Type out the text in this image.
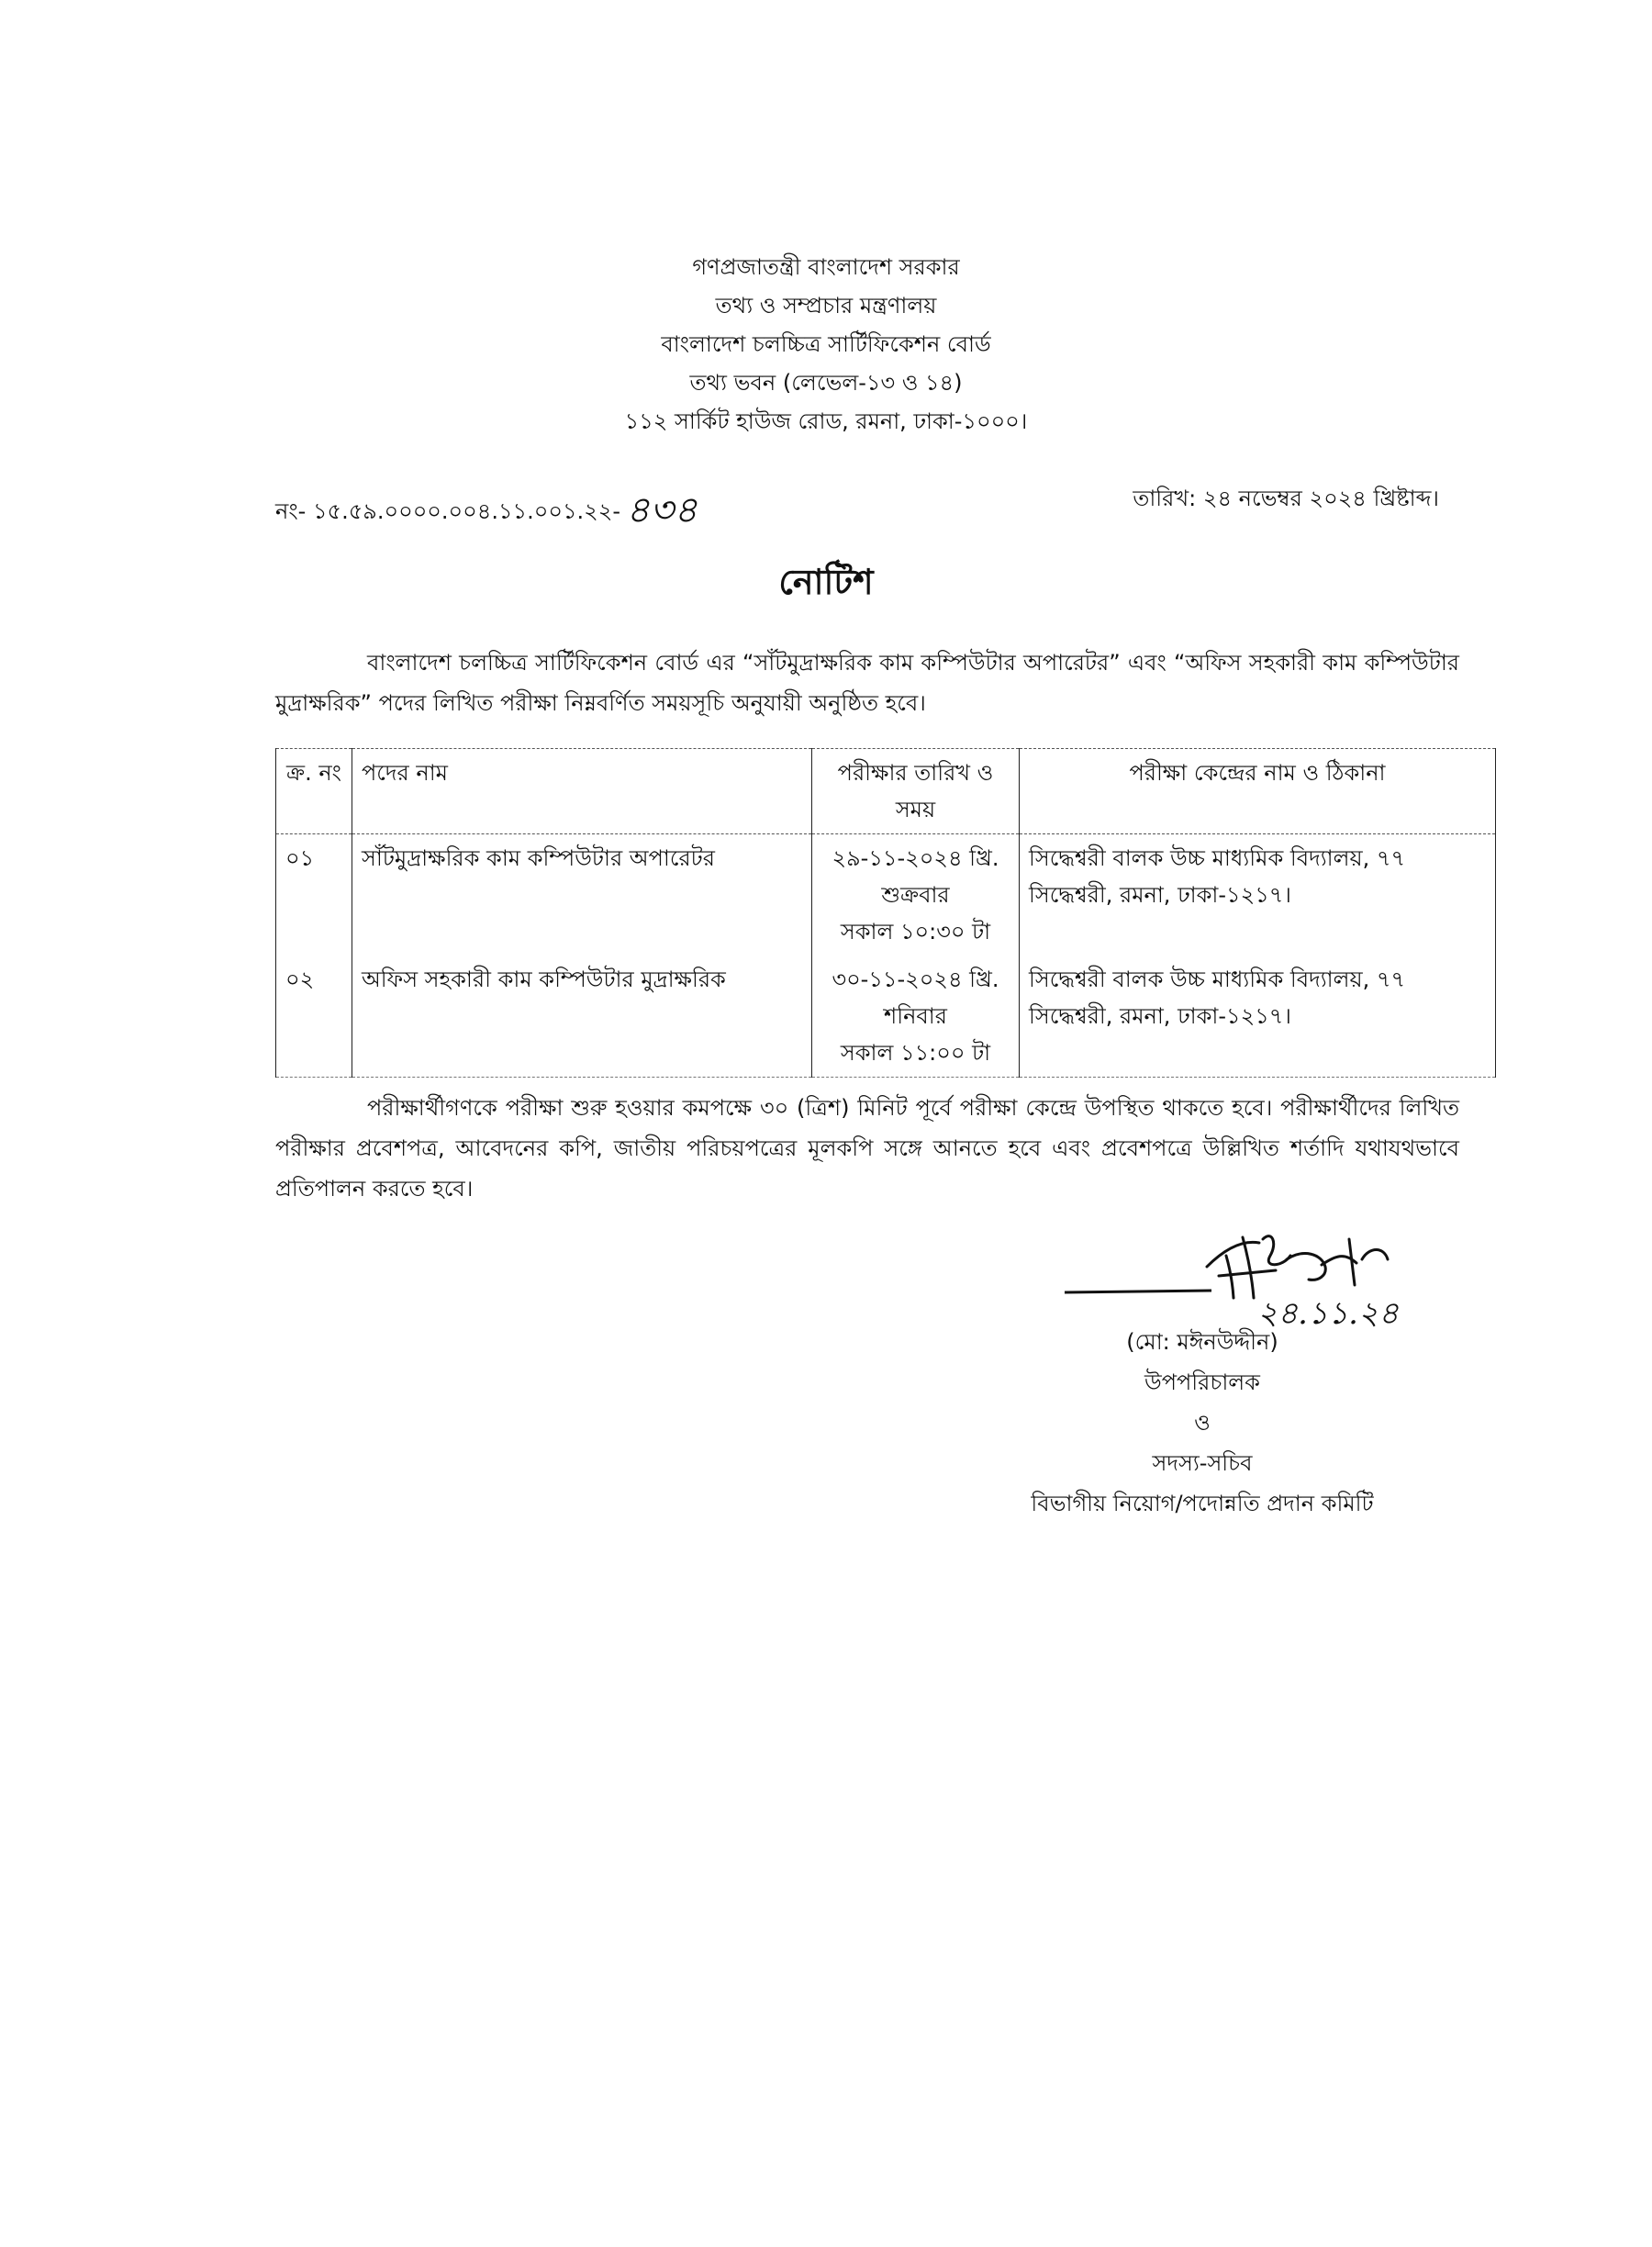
গণপ্রজাতন্ত্রী বাংলাদেশ সরকার
তথ্য ও সম্প্রচার মন্ত্রণালয়
বাংলাদেশ চলচ্চিত্র সার্টিফিকেশন বোর্ড
তথ্য ভবন (লেভেল-১৩ ও ১৪)
১১২ সার্কিট হাউজ রোড, রমনা, ঢাকা-১০০০।
নং- ১৫.৫৯.০০০০.০০৪.১১.০০১.২২- ৪৩৪	তারিখ: ২৪ নভেম্বর ২০২৪ খ্রিষ্টাব্দ।
নোটিশ
বাংলাদেশ চলচ্চিত্র সার্টিফিকেশন বোর্ড এর “সাঁটমুদ্রাক্ষরিক কাম কম্পিউটার অপারেটর” এবং “অফিস সহকারী কাম কম্পিউটার মুদ্রাক্ষরিক” পদের লিখিত পরীক্ষা নিম্নবর্ণিত সময়সূচি অনুযায়ী অনুষ্ঠিত হবে।
ক্র. নং	পদের নাম	পরীক্ষার তারিখ ও সময়	পরীক্ষা কেন্দ্রের নাম ও ঠিকানা
০১	সাঁটমুদ্রাক্ষরিক কাম কম্পিউটার অপারেটর	২৯-১১-২০২৪ খ্রি.
শুক্রবার
সকাল ১০:৩০ টা	সিদ্ধেশ্বরী বালক উচ্চ মাধ্যমিক বিদ্যালয়, ৭৭ সিদ্ধেশ্বরী, রমনা, ঢাকা-১২১৭।
০২	অফিস সহকারী কাম কম্পিউটার মুদ্রাক্ষরিক	৩০-১১-২০২৪ খ্রি.
শনিবার
সকাল ১১:০০ টা	সিদ্ধেশ্বরী বালক উচ্চ মাধ্যমিক বিদ্যালয়, ৭৭ সিদ্ধেশ্বরী, রমনা, ঢাকা-১২১৭।
পরীক্ষার্থীগণকে পরীক্ষা শুরু হওয়ার কমপক্ষে ৩০ (ত্রিশ) মিনিট পূর্বে পরীক্ষা কেন্দ্রে উপস্থিত থাকতে হবে। পরীক্ষার্থীদের লিখিত পরীক্ষার প্রবেশপত্র, আবেদনের কপি, জাতীয় পরিচয়পত্রের মূলকপি সঙ্গে আনতে হবে এবং প্রবেশপত্রে উল্লিখিত শর্তাদি যথাযথভাবে প্রতিপালন করতে হবে।
২৪.১১.২৪
(মো: মঈনউদ্দীন)
উপপরিচালক
ও
সদস্য-সচিব
বিভাগীয় নিয়োগ/পদোন্নতি প্রদান কমিটি
